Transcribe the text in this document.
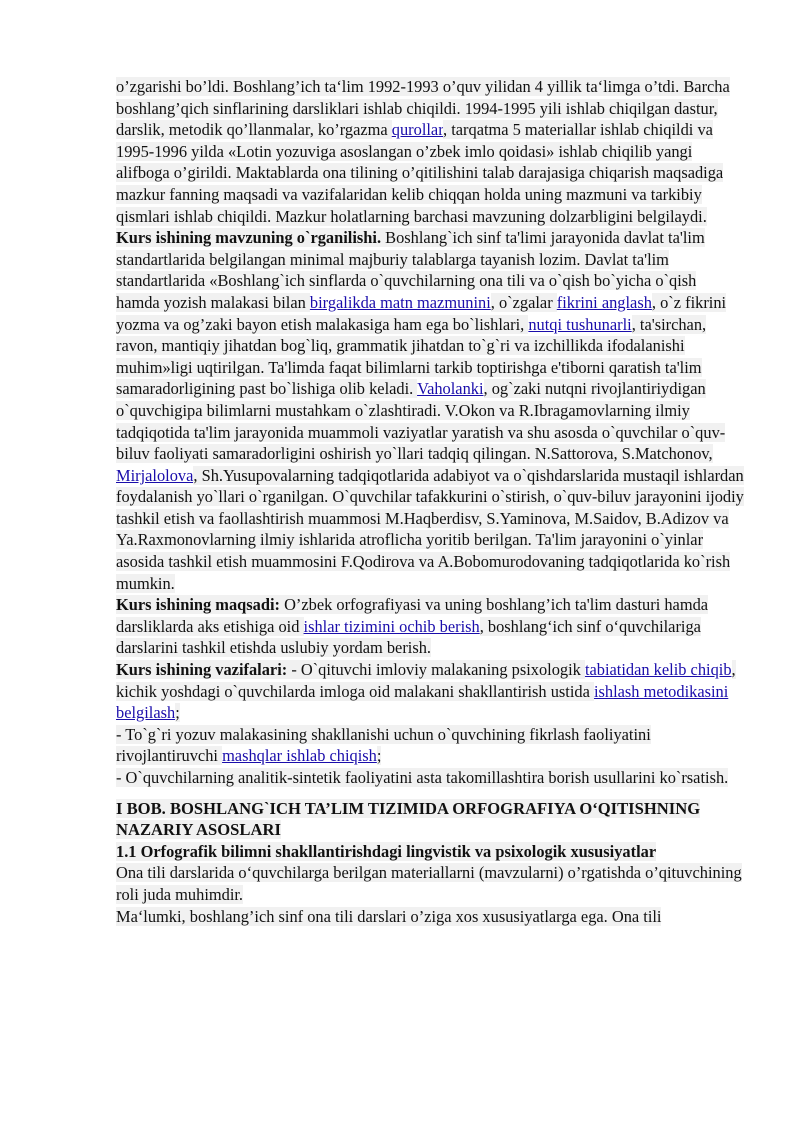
o’zgarishi bo’ldi. Boshlang’ich ta‘lim 1992-1993 o’quv yilidan 4 yillik ta‘limga o’tdi. Barcha boshlang’qich sinflarining darsliklari ishlab chiqildi. 1994-1995 yili ishlab chiqilgan dastur, darslik, metodik qo’llanmalar, ko’rgazma qurollar, tarqatma 5 materiallar ishlab chiqildi va 1995-1996 yilda «Lotin yozuviga asoslangan o’zbek imlo qoidasi» ishlab chiqilib yangi alifboga o’girildi. Maktablarda ona tilining o’qitilishini talab darajasiga chiqarish maqsadiga mazkur fanning maqsadi va vazifalaridan kelib chiqqan holda uning mazmuni va tarkibiy qismlari ishlab chiqildi. Mazkur holatlarning barchasi mavzuning dolzarbligini belgilaydi.

Kurs ishining mavzuning o`rganilishi. Boshlang`ich sinf ta'limi jarayonida davlat ta'lim standartlarida belgilangan minimal majburiy talablarga tayanish lozim. Davlat ta'lim standartlarida «Boshlang`ich sinflarda o`quvchilarning ona tili va o`qish bo`yicha o`qish hamda yozish malakasi bilan birgalikda matn mazmunini, o`zgalar fikrini anglash, o`z fikrini yozma va og’zaki bayon etish malakasiga ham ega bo`lishlari, nutqi tushunarli, ta'sirchan, ravon, mantiqiy jihatdan bog`liq, grammatik jihatdan to`g`ri va izchillikda ifodalanishi muhim»ligi uqtirilgan. Ta'limda faqat bilimlarni tarkib toptirishga e'tiborni qaratish ta'lim samaradorligining past bo`lishiga olib keladi. Vaholanki, og`zaki nutqni rivojlantiriydigan o`quvchigipa bilimlarni mustahkam o`zlashtiradi. V.Okon va R.Ibragamovlarning ilmiy tadqiqotida ta'lim jarayonida muammoli vaziyatlar yaratish va shu asosda o`quvchilar o`quv-biluv faoliyati samaradorligini oshirish yo`llari tadqiq qilingan. N.Sattorova, S.Matchonov, Mirjalolova, Sh.Yusupovalarning tadqiqotlarida adabiyot va o`qishdarslarida mustaqil ishlardan foydalanish yo`llari o`rganilgan. O`quvchilar tafakkurini o`stirish, o`quv-biluv jarayonini ijodiy tashkil etish va faollashtirish muammosi M.Haqberdisv, S.Yaminova, M.Saidov, B.Adizov va Ya.Raxmonovlarning ilmiy ishlarida atroflicha yoritib berilgan. Ta'lim jarayonini o`yinlar asosida tashkil etish muammosini F.Qodirova va A.Bobomurodovaning tadqiqotlarida ko`rish mumkin.

Kurs ishining maqsadi: O’zbek orfografiyasi va uning boshlang’ich ta'lim dasturi hamda darsliklarda aks etishiga oid ishlar tizimini ochib berish, boshlang‘ich sinf o‘quvchilariga darslarini tashkil etishda uslubiy yordam berish.

Kurs ishining vazifalari: - O`qituvchi imloviy malakaning psixologik tabiatidan kelib chiqib, kichik yoshdagi o`quvchilarda imloga oid malakani shakllantirish ustida ishlash metodikasini belgilash;

- To`g`ri yozuv malakasining shakllanishi uchun o`quvchining fikrlash faoliyatini rivojlantiruvchi mashqlar ishlab chiqish;

- O`quvchilarning analitik-sintetik faoliyatini asta takomillashtira borish usullarini ko`rsatish.

I BOB. BOSHLANG`ICH TA’LIM TIZIMIDA ORFOGRAFIYA O‘QITISHNING NAZARIY ASOSLARI

1.1 Orfografik bilimni shakllantirishdagi lingvistik va psixologik xususiyatlar

Ona tili darslarida o‘quvchilarga berilgan materiallarni (mavzularni) o’rgatishda o’qituvchining roli juda muhimdir.

Ma‘lumki, boshlang’ich sinf ona tili darslari o’ziga xos xususiyatlarga ega. Ona tili
